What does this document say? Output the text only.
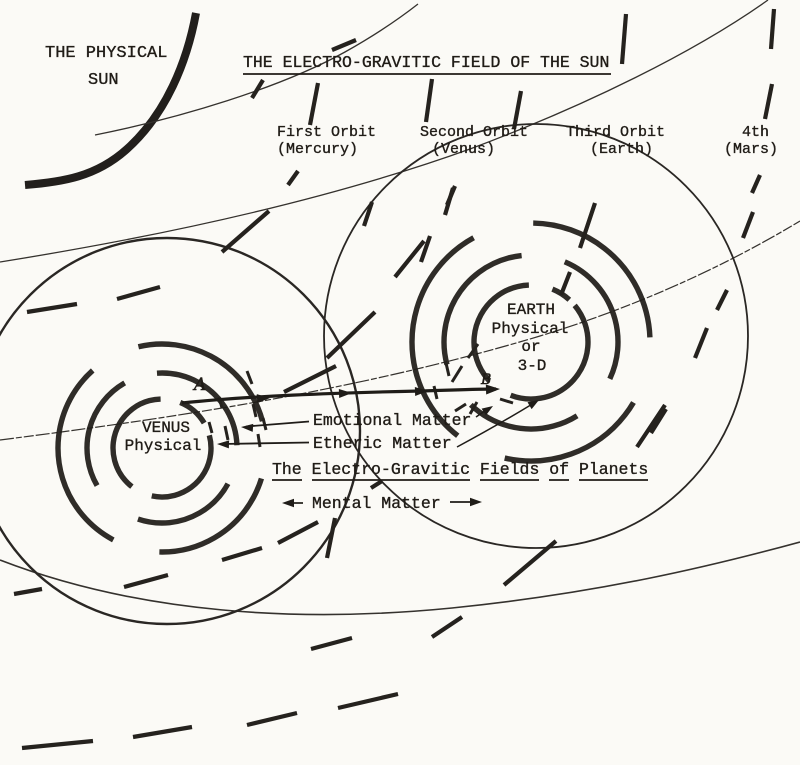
THE PHYSICAL
SUN
THE ELECTRO-GRAVITIC FIELD OF THE SUN
First Orbit
(Mercury)
Second Orbit
(Venus)
Third Orbit
(Earth)
4th
(Mars)
VENUS
Physical
EARTH
Physical
or
3-D
A	B
Emotional Matter
Etheric Matter
The Electro-Gravitic Fields of Planets
Mental Matter
